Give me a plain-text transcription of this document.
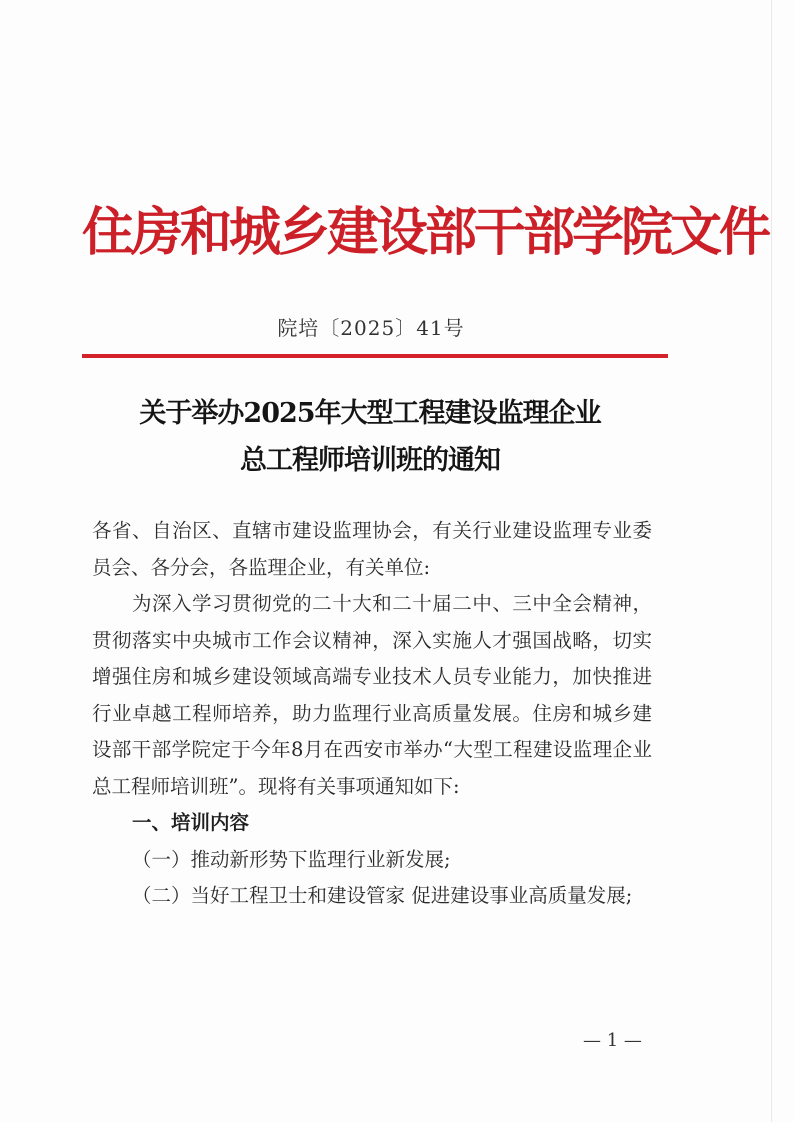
住房和城乡建设部干部学院文件
院培〔2025〕41号
关于举办2025年大型工程建设监理企业
总工程师培训班的通知

各省、自治区、直辖市建设监理协会，有关行业建设监理专业委员会、各分会，各监理企业，有关单位:

为深入学习贯彻党的二十大和二十届二中、三中全会精神，贯彻落实中央城市工作会议精神，深入实施人才强国战略，切实增强住房和城乡建设领域高端专业技术人员专业能力，加快推进行业卓越工程师培养，助力监理行业高质量发展。住房和城乡建设部干部学院定于今年8月在西安市举办“大型工程建设监理企业总工程师培训班”。现将有关事项通知如下:

一、培训内容

（一）推动新形势下监理行业新发展;

（二）当好工程卫士和建设管家 促进建设事业高质量发展;

— 1 —
